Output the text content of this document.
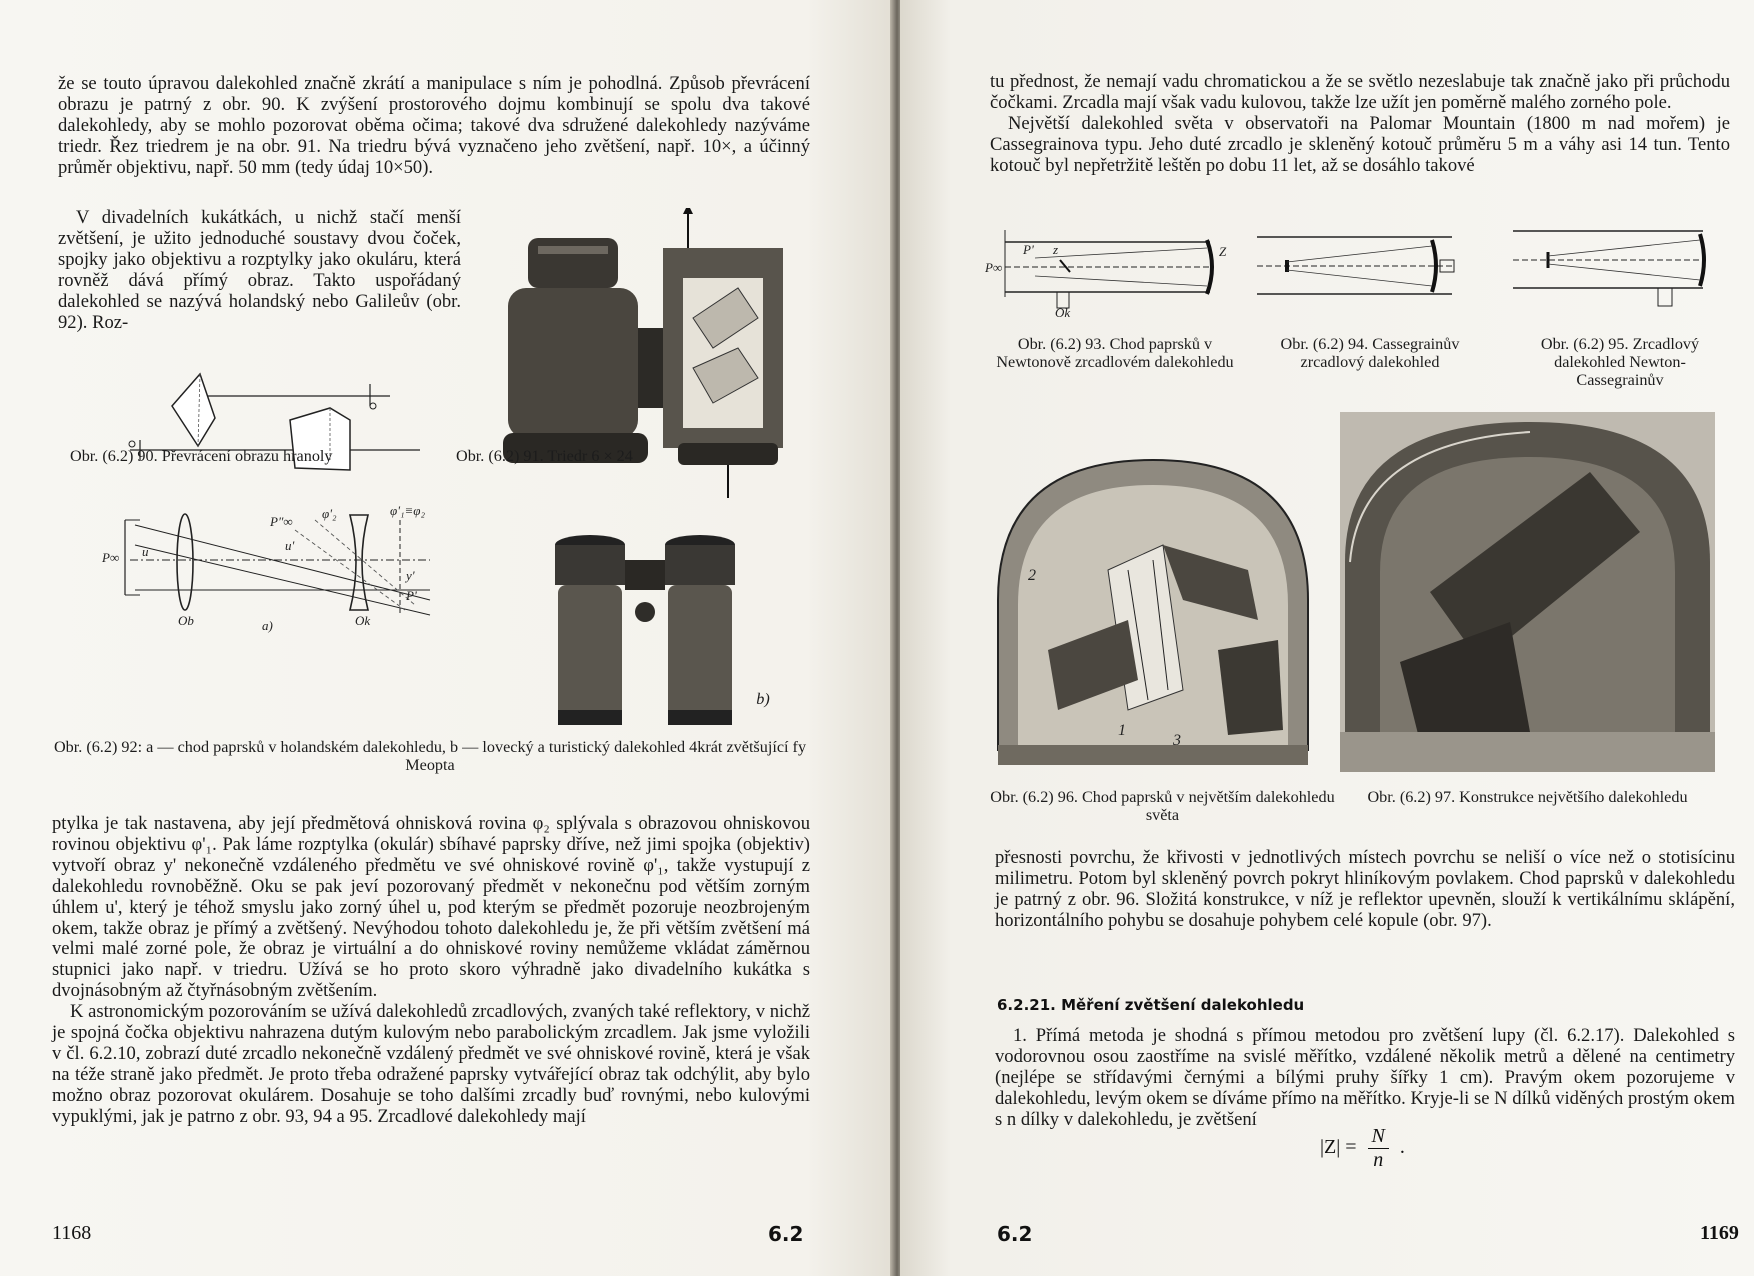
že se touto úpravou dalekohled značně zkrátí a manipulace s ním je pohodlná. Způsob převrácení obrazu je patrný z obr. 90. K zvýšení prostorového dojmu kombinují se spolu dva takové dalekohledy, aby se mohlo pozorovat oběma očima; takové dva sdružené dalekohledy nazýváme triedr. Řez triedrem je na obr. 91. Na triedru bývá vyznačeno jeho zvětšení, např. 10×, a účinný průměr objektivu, např. 50 mm (tedy údaj 10×50).

V divadelních kukátkách, u nichž stačí menší zvětšení, je užito jednoduché soustavy dvou čoček, spojky jako objektivu a rozptylky jako okuláru, která rovněž dává přímý obraz. Takto uspořádaný dalekohled se nazývá holandský nebo Galileův (obr. 92). Roz-

Obr. (6.2) 90. Převrácení obrazu hranoly	Obr. (6.2) 91. Triedr 6 × 24
P∞ u	u'
P″∞
φ'₂	φ'₁≡φ₂
y'
P'
Ob	Ok
a)
b)
Obr. (6.2) 92: a — chod paprsků v holandském dalekohledu, b — lovecký a turistický dalekohled 4krát zvětšující fy Meopta

ptylka je tak nastavena, aby její předmětová ohnisková rovina φ₂ splývala s obrazovou ohniskovou rovinou objektivu φ'₁. Pak láme rozptylka (okulár) sbíhavé paprsky dříve, než jimi spojka (objektiv) vytvoří obraz y' nekonečně vzdáleného předmětu ve své ohniskové rovině φ'₁, takže vystupují z dalekohledu rovnoběžně. Oku se pak jeví pozorovaný předmět v nekonečnu pod větším zorným úhlem u', který je téhož smyslu jako zorný úhel u, pod kterým se předmět pozoruje neozbrojeným okem, takže obraz je přímý a zvětšený. Nevýhodou tohoto dalekohledu je, že při větším zvětšení má velmi malé zorné pole, že obraz je virtuální a do ohniskové roviny nemůžeme vkládat záměrnou stupnici jako např. v triedru. Užívá se ho proto skoro výhradně jako divadelního kukátka s dvojnásobným až čtyřnásobným zvětšením.

K astronomickým pozorováním se užívá dalekohledů zrcadlových, zvaných také reflektory, v nichž je spojná čočka objektivu nahrazena dutým kulovým nebo parabolickým zrcadlem. Jak jsme vyložili v čl. 6.2.10, zobrazí duté zrcadlo nekonečně vzdálený předmět ve své ohniskové rovině, která je však na téže straně jako předmět. Je proto třeba odražené paprsky vytvářející obraz tak odchýlit, aby bylo možno obraz pozorovat okulárem. Dosahuje se toho dalšími zrcadly buď rovnými, nebo kulovými vypuklými, jak je patrno z obr. 93, 94 a 95. Zrcadlové dalekohledy mají

1168	6.2

tu přednost, že nemají vadu chromatickou a že se světlo nezeslabuje tak značně jako při průchodu čočkami. Zrcadla mají však vadu kulovou, takže lze užít jen poměrně malého zorného pole.

Největší dalekohled světa v observatoři na Palomar Mountain (1800 m nad mořem) je Cassegrainova typu. Jeho duté zrcadlo je skleněný kotouč průměru 5 m a váhy asi 14 tun. Tento kotouč byl nepřetržitě leštěn po dobu 11 let, až se dosáhlo takové

P∞
P' z	Z
Ok
Obr. (6.2) 93. Chod paprsků v Newtonově zrcadlovém dalekohledu
Obr. (6.2) 94. Cassegrainův zrcadlový dalekohled
Obr. (6.2) 95. Zrcadlový dalekohled Newton-Cassegrainův
2
1
3
Obr. (6.2) 96. Chod paprsků v největším dalekohledu světa
Obr. (6.2) 97. Konstrukce největšího dalekohledu

přesnosti povrchu, že křivosti v jednotlivých místech povrchu se neliší o více než o stotisícinu milimetru. Potom byl skleněný povrch pokryt hliníkovým povlakem. Chod paprsků v dalekohledu je patrný z obr. 96. Složitá konstrukce, v níž je reflektor upevněn, slouží k vertikálnímu sklápění, horizontálního pohybu se dosahuje pohybem celé kopule (obr. 97).

6.2.21. Měření zvětšení dalekohledu

1. Přímá metoda je shodná s přímou metodou pro zvětšení lupy (čl. 6.2.17). Dalekohled s vodorovnou osou zaostříme na svislé měřítko, vzdálené několik metrů a dělené na centimetry (nejlépe se střídavými černými a bílými pruhy šířky 1 cm). Pravým okem pozorujeme v dalekohledu, levým okem se díváme přímo na měřítko. Kryje-li se N dílků viděných prostým okem s n dílky v dalekohledu, je zvětšení

$|Z| = \frac{N}{n}$ .
6.2	1169
